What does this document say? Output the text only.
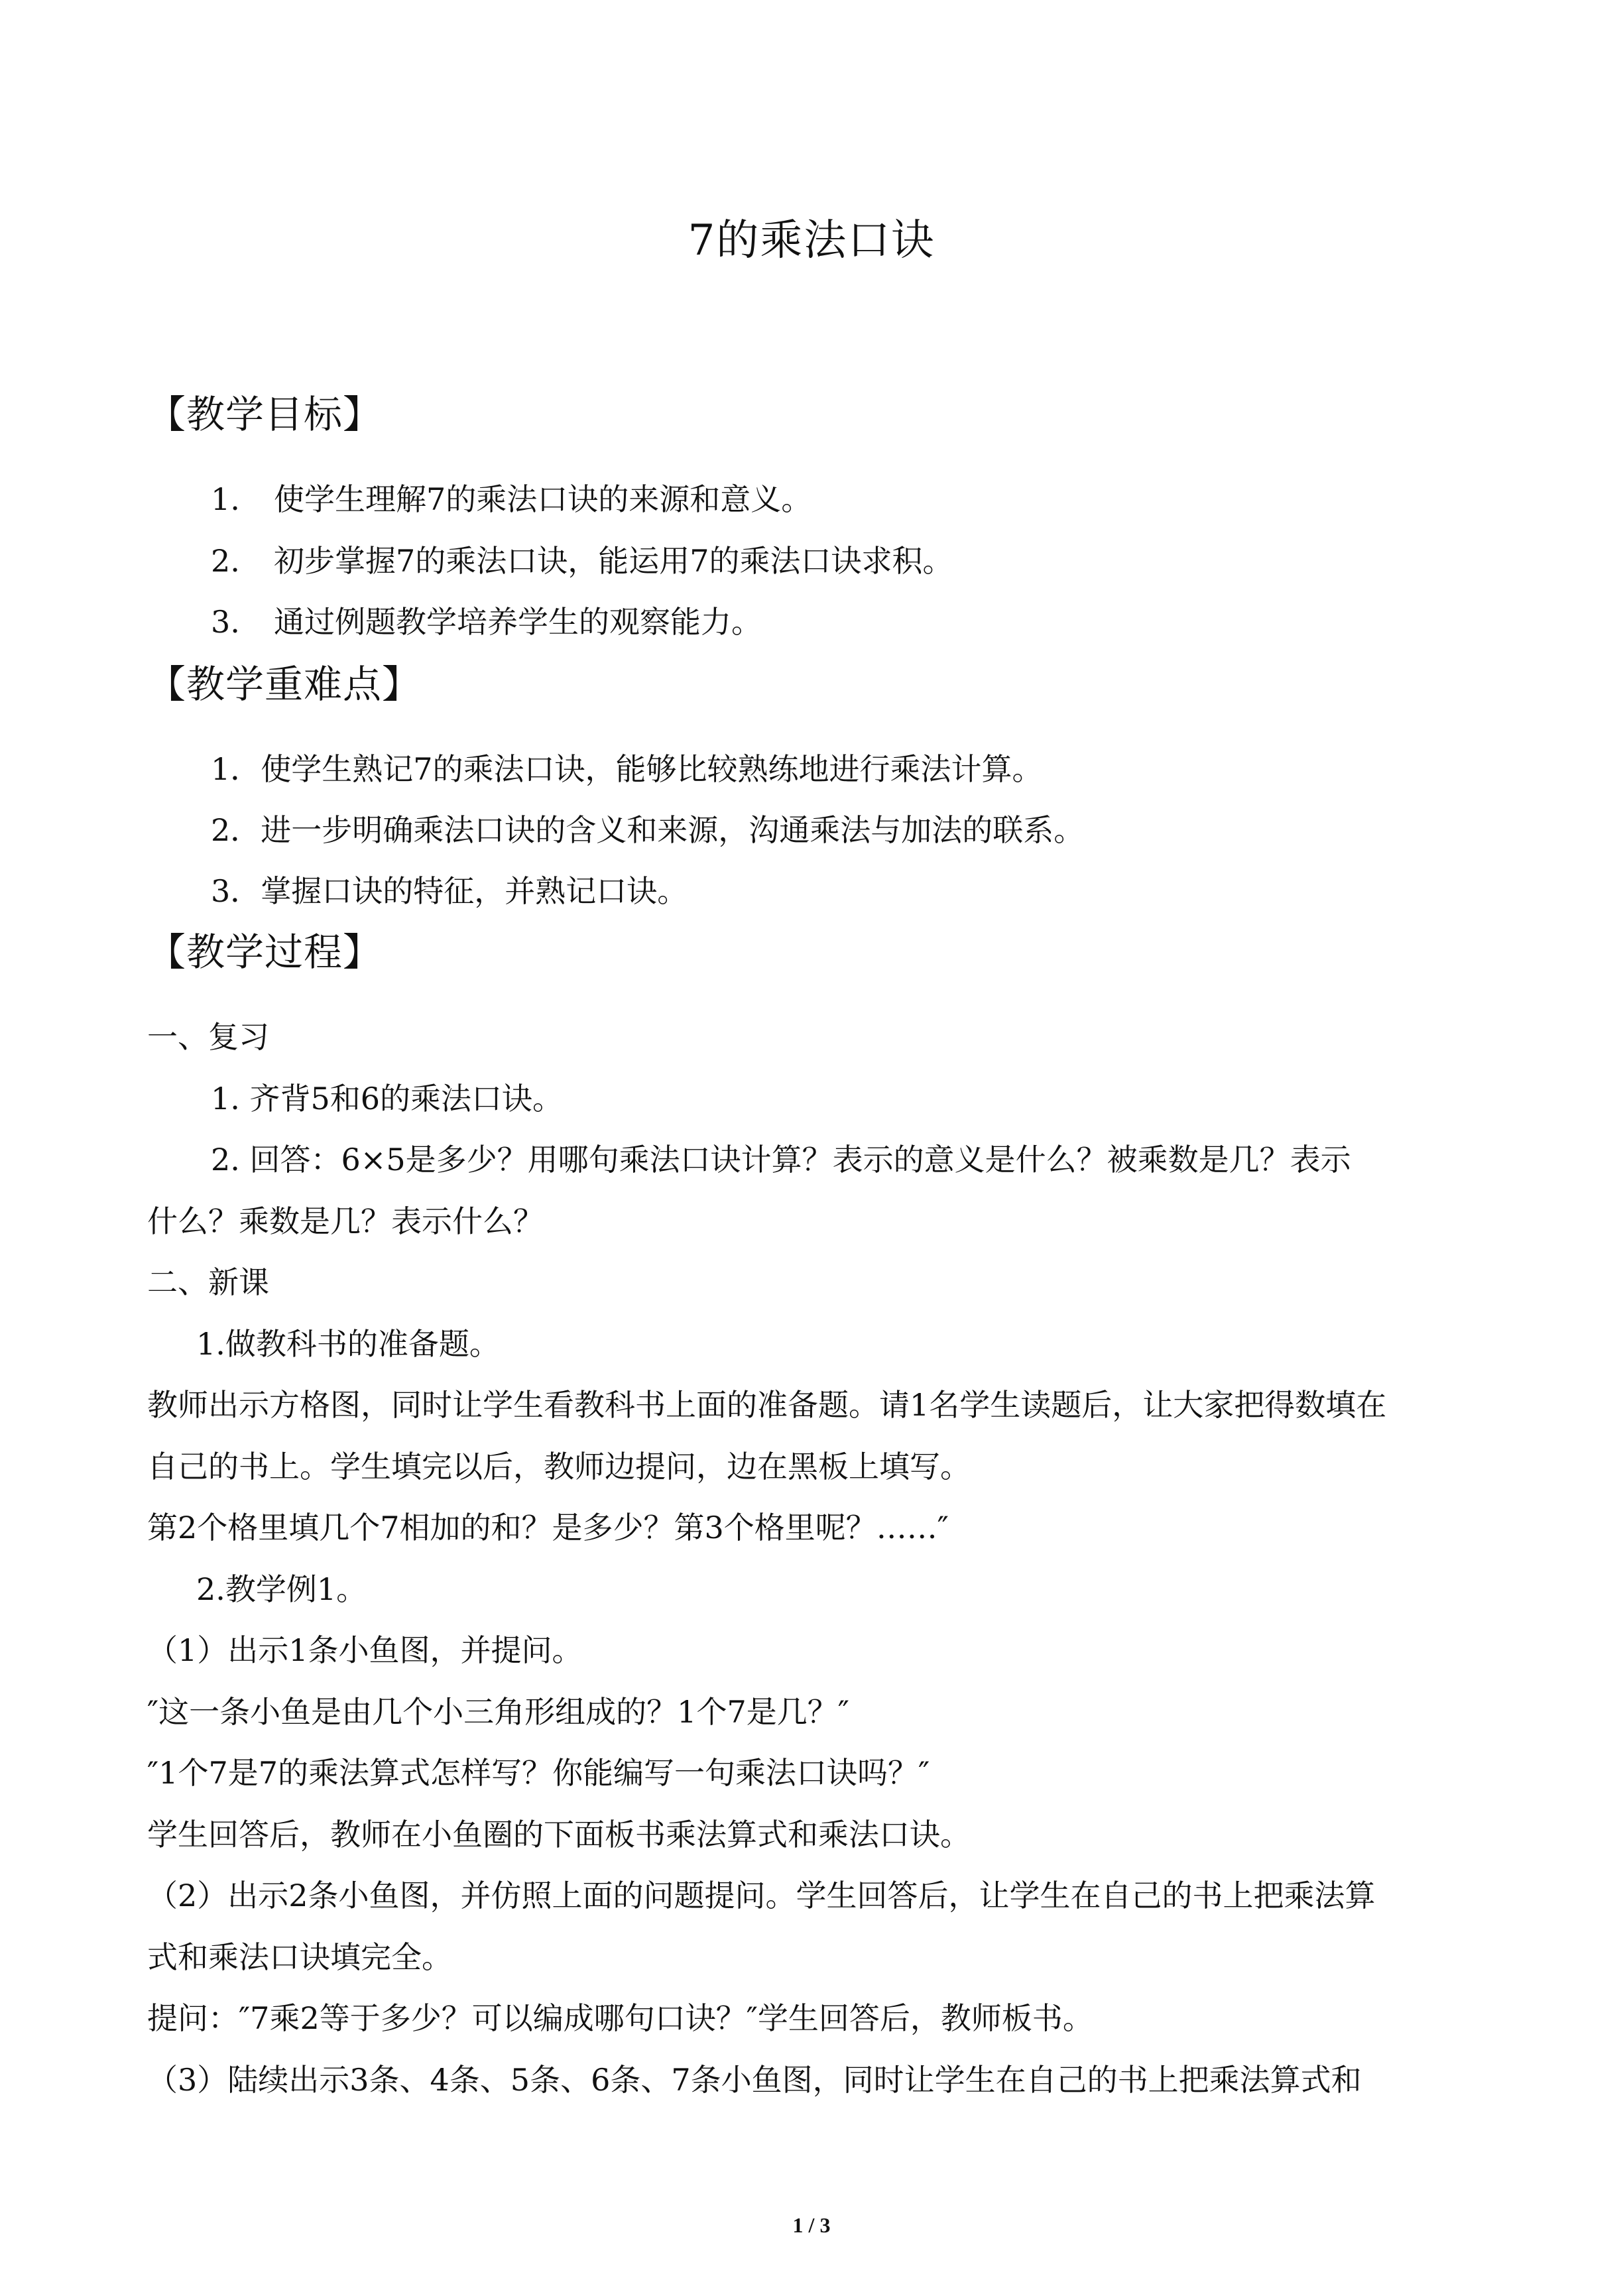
7的乘法口诀
【教学目标】
1. 使学生理解7的乘法口诀的来源和意义。
2. 初步掌握7的乘法口诀，能运用7的乘法口诀求积。
3. 通过例题教学培养学生的观察能力。
【教学重难点】
1．使学生熟记7的乘法口诀，能够比较熟练地进行乘法计算。
2．进一步明确乘法口诀的含义和来源，沟通乘法与加法的联系。
3．掌握口诀的特征，并熟记口诀。
【教学过程】
一、复习
1. 齐背5和6的乘法口诀。
2. 回答：6×5是多少？用哪句乘法口诀计算？表示的意义是什么？被乘数是几？表示
什么？乘数是几？表示什么？
二、新课
1.做教科书的准备题。
教师出示方格图，同时让学生看教科书上面的准备题。请1名学生读题后，让大家把得数填在
自己的书上。学生填完以后，教师边提问，边在黑板上填写。
第2个格里填几个7相加的和？是多少？第3个格里呢？……″
2.教学例1。
（1）出示1条小鱼图，并提问。
″这一条小鱼是由几个小三角形组成的？1个7是几？″
″1个7是7的乘法算式怎样写？你能编写一句乘法口诀吗？″
学生回答后，教师在小鱼圈的下面板书乘法算式和乘法口诀。
（2）出示2条小鱼图，并仿照上面的问题提问。学生回答后，让学生在自己的书上把乘法算
式和乘法口诀填完全。
提问：″7乘2等于多少？可以编成哪句口诀？″学生回答后，教师板书。
（3）陆续出示3条、4条、5条、6条、7条小鱼图，同时让学生在自己的书上把乘法算式和
1 / 3
